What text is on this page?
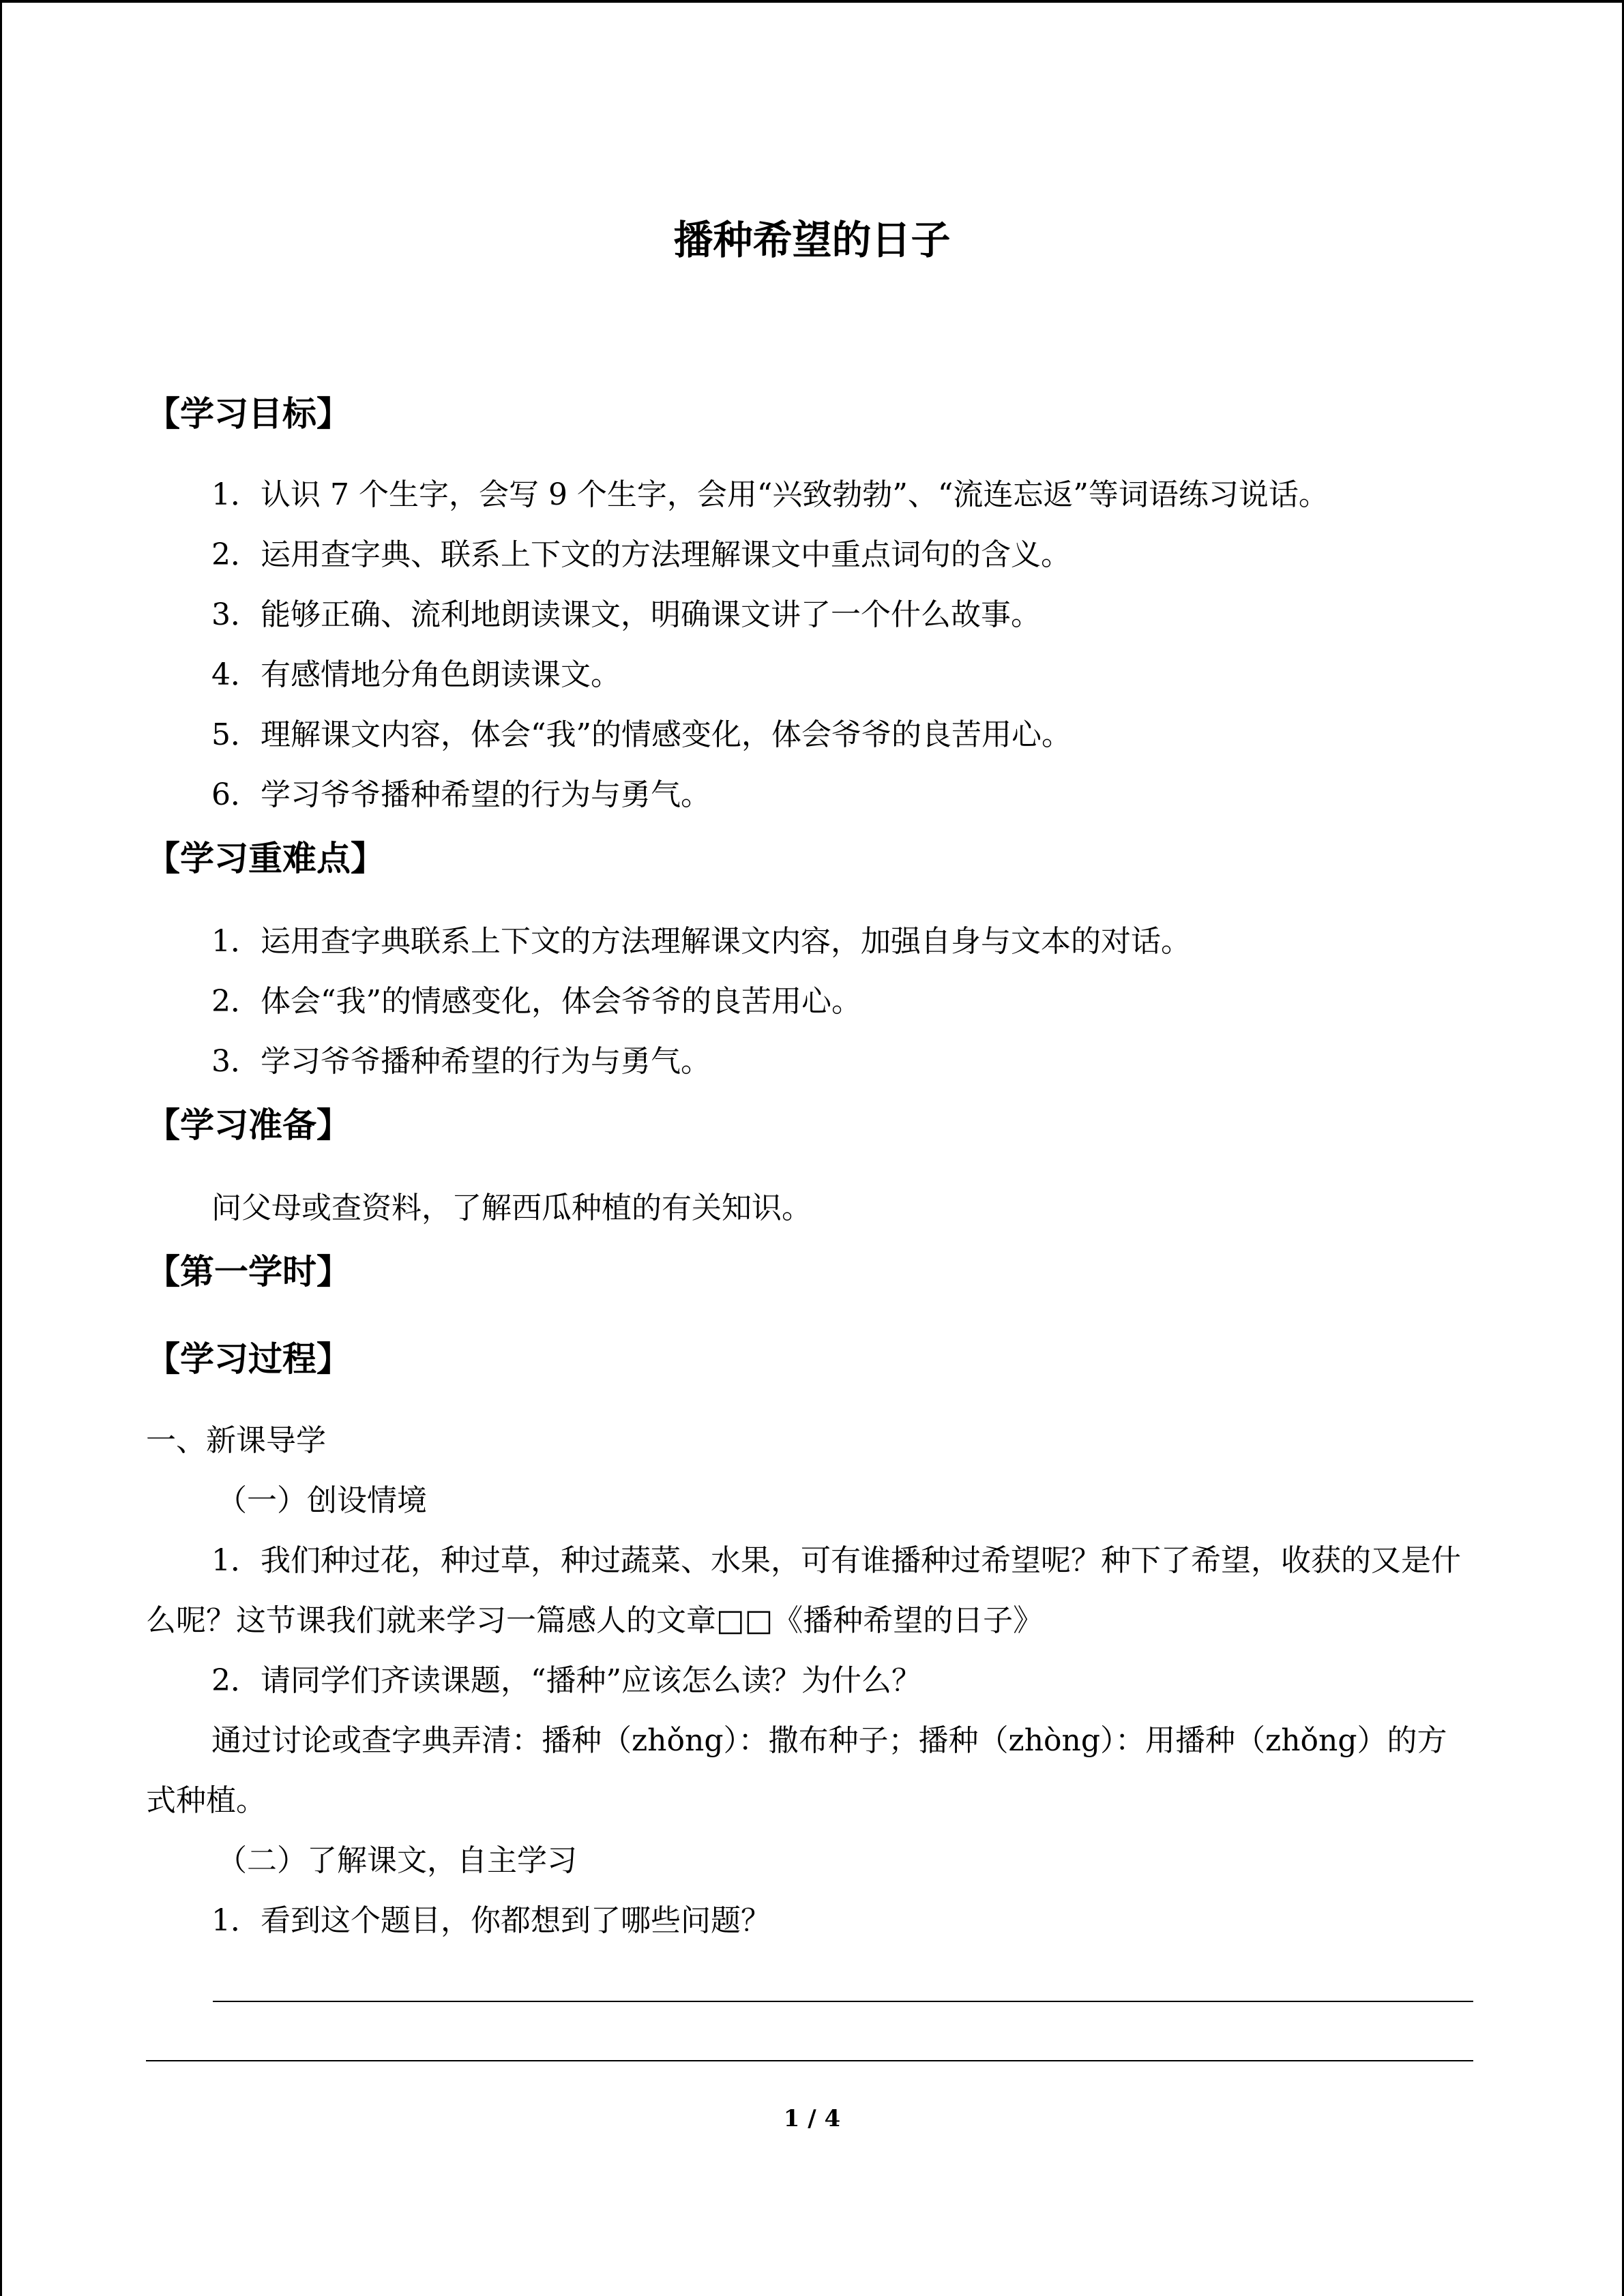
播种希望的日子
【学习目标】
1．认识 7 个生字，会写 9 个生字，会用“兴致勃勃”、“流连忘返”等词语练习说话。
2．运用查字典、联系上下文的方法理解课文中重点词句的含义。
3．能够正确、流利地朗读课文，明确课文讲了一个什么故事。
4．有感情地分角色朗读课文。
5．理解课文内容，体会“我”的情感变化，体会爷爷的良苦用心。
6．学习爷爷播种希望的行为与勇气。
【学习重难点】
1．运用查字典联系上下文的方法理解课文内容，加强自身与文本的对话。
2．体会“我”的情感变化，体会爷爷的良苦用心。
3．学习爷爷播种希望的行为与勇气。
【学习准备】
问父母或查资料，了解西瓜种植的有关知识。
【第一学时】
【学习过程】
一、新课导学
（一）创设情境
1．我们种过花，种过草，种过蔬菜、水果，可有谁播种过希望呢？种下了希望，收获的又是什么呢？这节课我们就来学习一篇感人的文章□□《播种希望的日子》
2．请同学们齐读课题，“播种”应该怎么读？为什么？
通过讨论或查字典弄清：播种（zhǒng）：撒布种子；播种（zhòng）：用播种（zhǒng）的方式种植。
（二）了解课文，自主学习
1．看到这个题目，你都想到了哪些问题？
1 / 4
